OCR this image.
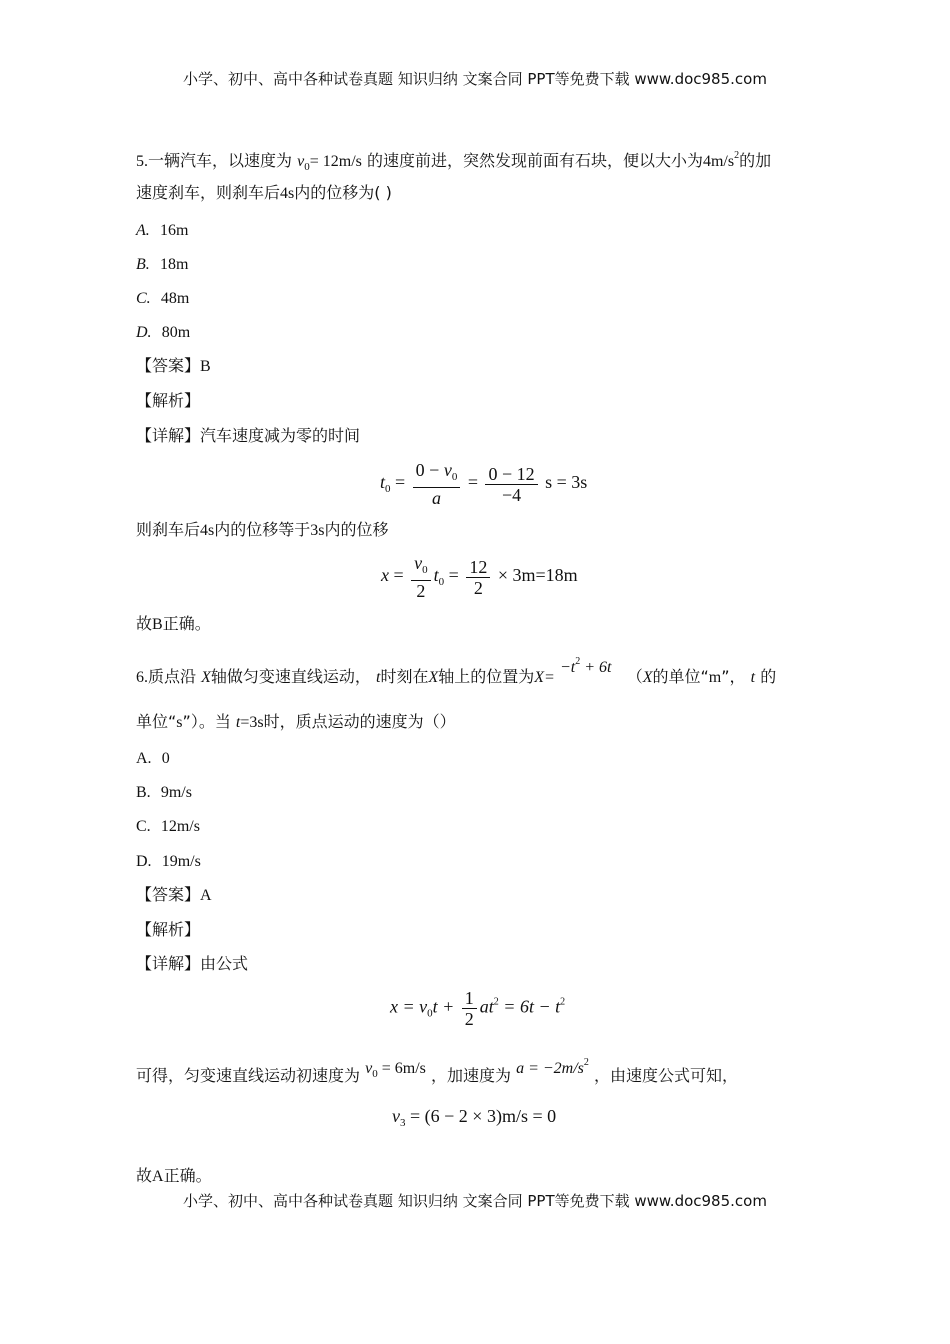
小学、初中、高中各种试卷真题 知识归纳 文案合同 PPT等免费下载 www.doc985.com
5.一辆汽车，以速度为 $v_0= 12m/s$ 的速度前进，突然发现前面有石块，便以大小为$4m/s^2$的加
速度刹车，则刹车后4s内的位移为( )
A. 16m
B. 18m
C. 48m
D. 80m
【答案】B
【解析】
【详解】汽车速度减为零的时间
$t_0 = \frac{0 - v_0}{a} = \frac{0 - 12}{-4}$ s = 3s
则刹车后4s内的位移等于3s内的位移
$x = \frac{v_0}{2} t_0 = \frac{12}{2} \times 3m=18m$
故B正确。
6.质点沿 X轴做匀变速直线运动， t时刻在X轴上的位置为$X= -t^2 + 6t$ （X的单位“m”， t 的
单位“s”）。当 t=3s时，质点运动的速度为（）
A. 0
B. 9m/s
C. 12m/s
D. 19m/s
【答案】A
【解析】
【详解】由公式
$x = v_0t + \frac{1}{2} at^2 = 6t - t^2$
可得，匀变速直线运动初速度为 $v_0 = 6m/s$ ，加速度为 $a = -2m/s^2$ ，由速度公式可知，
$v_3 = (6 - 2 \times 3)m/s = 0$
故A正确。
小学、初中、高中各种试卷真题 知识归纳 文案合同 PPT等免费下载 www.doc985.com
